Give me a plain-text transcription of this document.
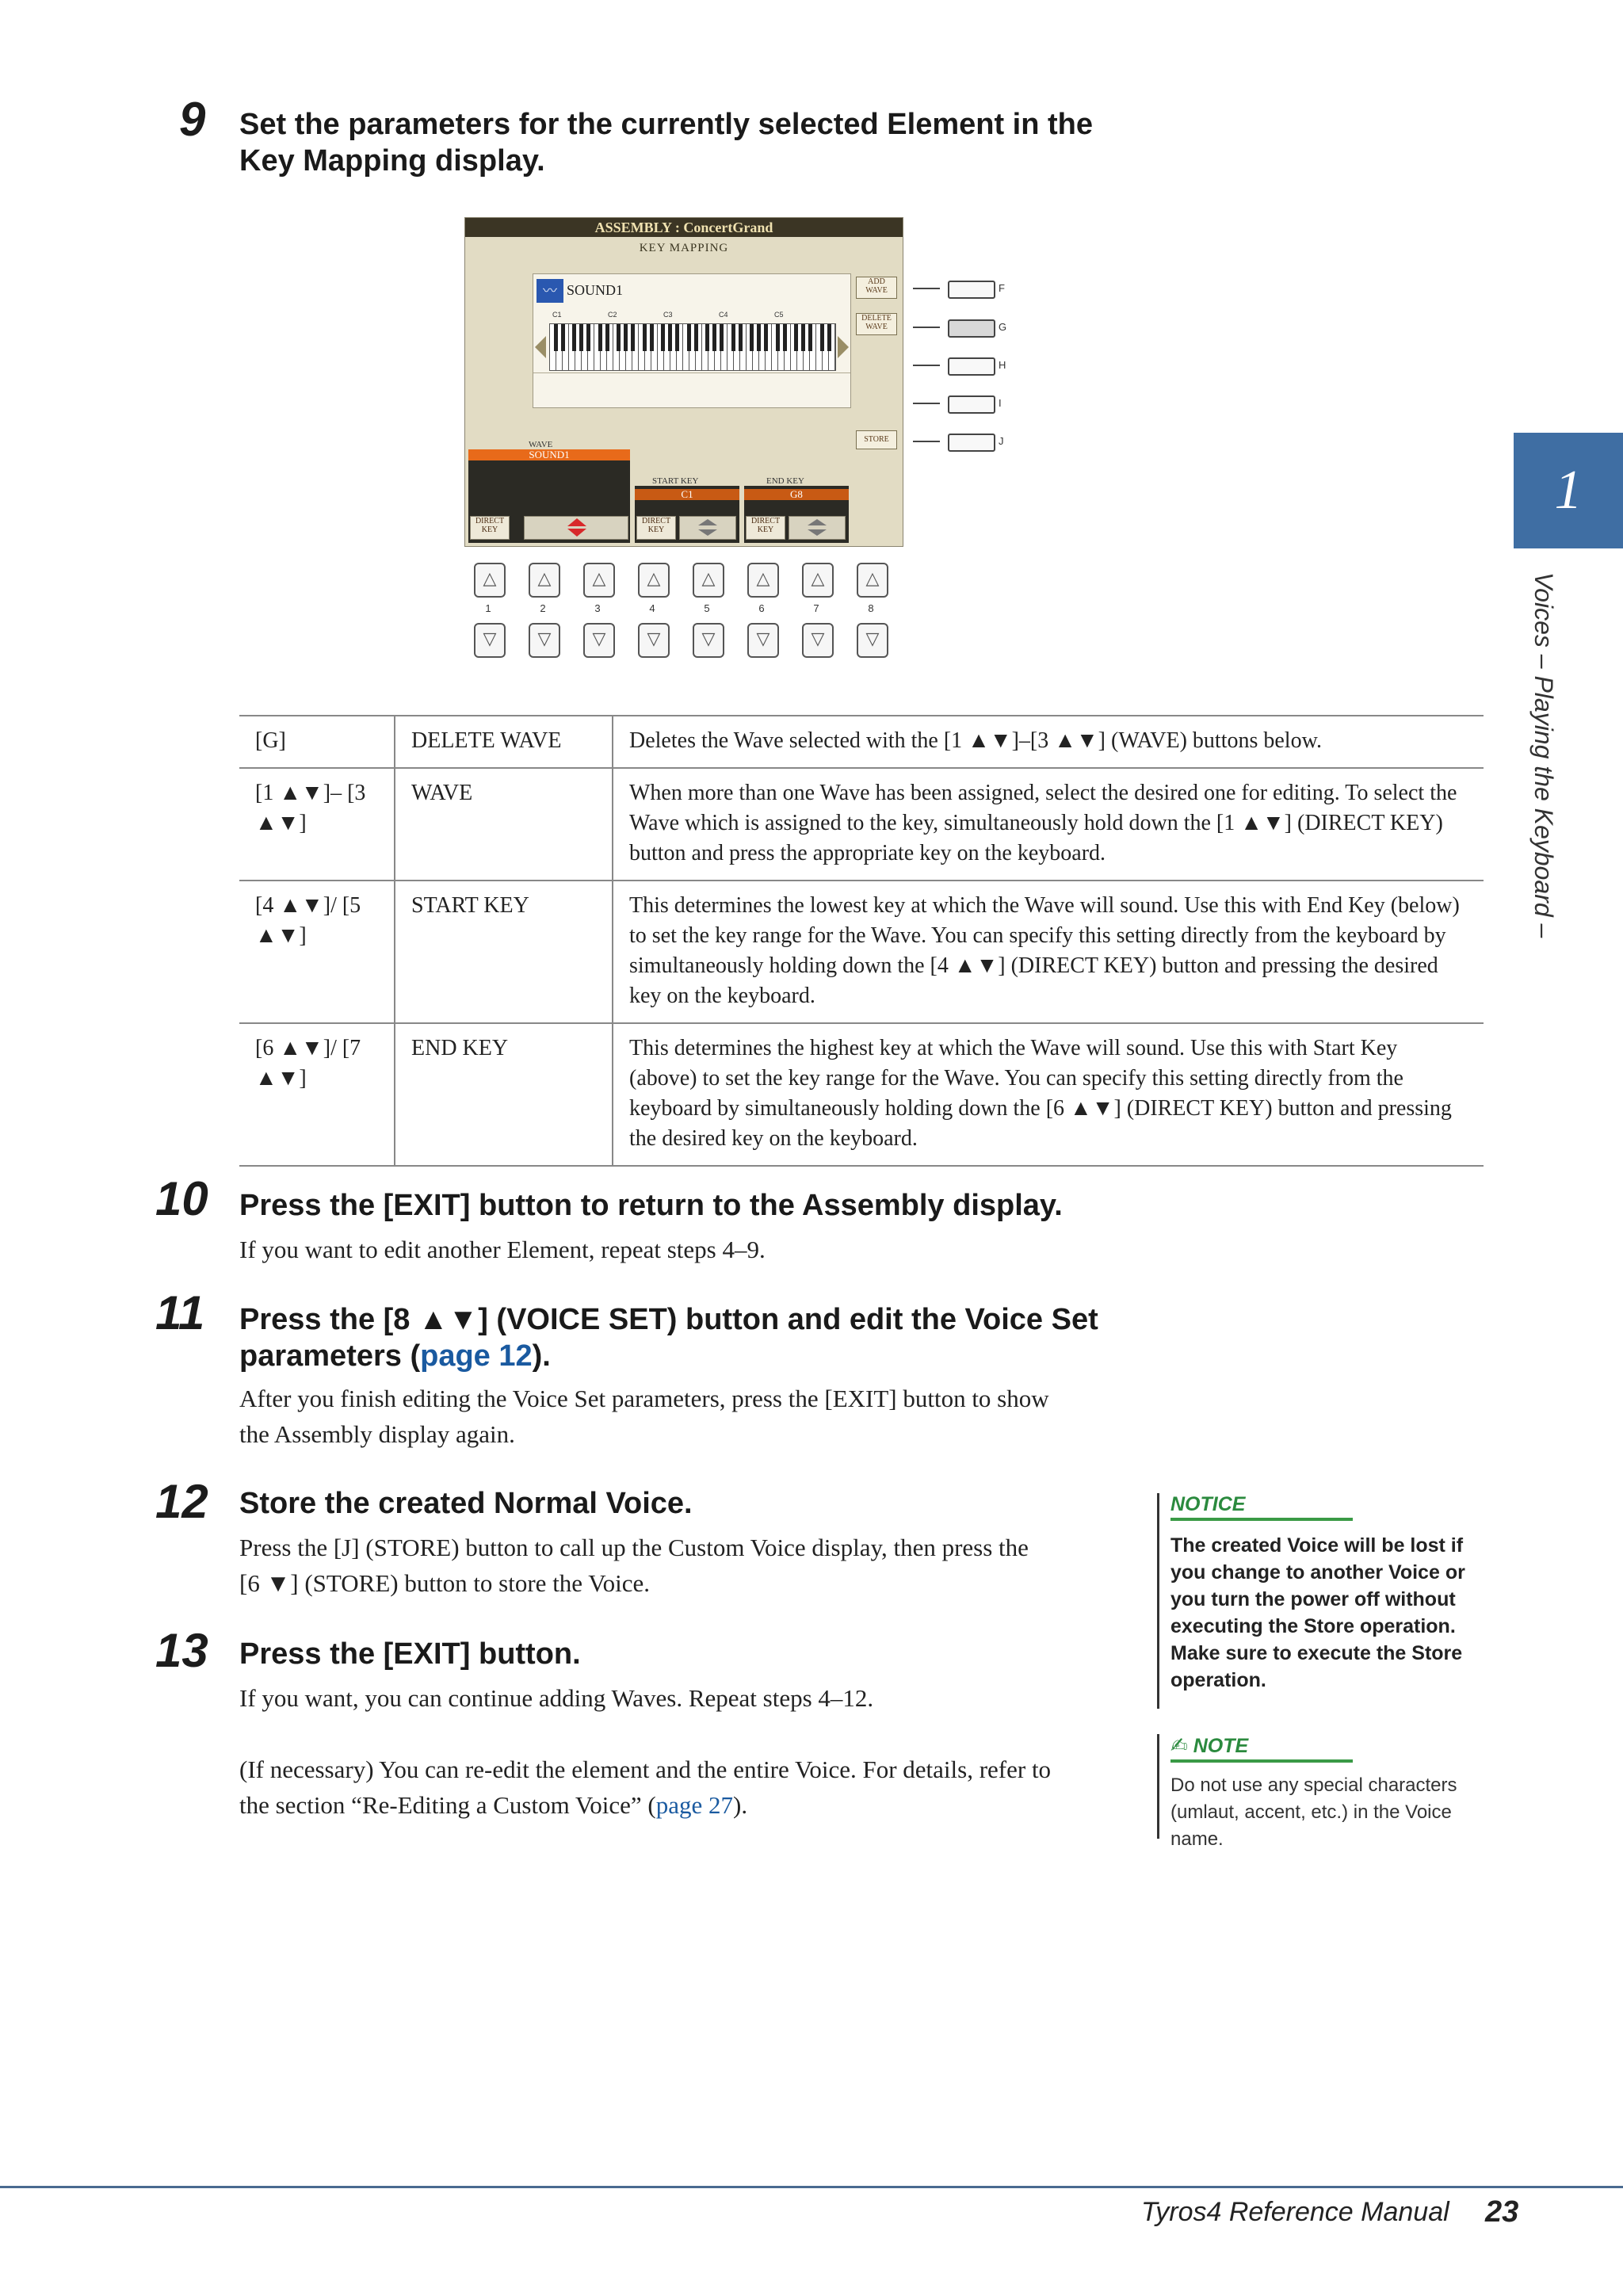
9 Set the parameters for the currently selected Element in the
Key Mapping display.
ASSEMBLY : ConcertGrand
KEY MAPPING
〰 SOUND1
C1	C2	C3	C4	C5
ADD WAVE
DELETE WAVE
STORE
WAVE
SOUND1
DIRECT KEY
START KEY
C1
DIRECT KEY
END KEY
G8
DIRECT KEY
F
G
H
I
J
△
1
▽
△
2
▽
△
3
▽
△
4
▽
△
5
▽
△
6
▽
△
7
▽
△
8
▽
[G]	DELETE WAVE	Deletes the Wave selected with the [1 ▲▼]–[3 ▲▼] (WAVE) buttons below.
[1 ▲▼]– [3 ▲▼]	WAVE	When more than one Wave has been assigned, select the desired one for editing. To select the Wave which is assigned to the key, simultaneously hold down the [1 ▲▼] (DIRECT KEY) button and press the appropriate key on the keyboard.
[4 ▲▼]/ [5 ▲▼]	START KEY	This determines the lowest key at which the Wave will sound. Use this with End Key (below) to set the key range for the Wave. You can specify this setting directly from the keyboard by simultaneously holding down the [4 ▲▼] (DIRECT KEY) button and pressing the desired key on the keyboard.
[6 ▲▼]/ [7 ▲▼]	END KEY	This determines the highest key at which the Wave will sound. Use this with Start Key (above) to set the key range for the Wave. You can specify this setting directly from the keyboard by simultaneously holding down the [6 ▲▼] (DIRECT KEY) button and pressing the desired key on the keyboard.
10 Press the [EXIT] button to return to the Assembly display.
If you want to edit another Element, repeat steps 4–9.
11 Press the [8 ▲▼] (VOICE SET) button and edit the Voice Set
parameters (page 12).
After you finish editing the Voice Set parameters, press the [EXIT] button to show
the Assembly display again.
12 Store the created Normal Voice.
Press the [J] (STORE) button to call up the Custom Voice display, then press the
[6 ▼] (STORE) button to store the Voice.
13 Press the [EXIT] button.
If you want, you can continue adding Waves. Repeat steps 4–12.
(If necessary) You can re-edit the element and the entire Voice. For details, refer to
the section “Re-Editing a Custom Voice” (page 27).
NOTICE
The created Voice will be lost if you change to another Voice or you turn the power off without executing the Store operation. Make sure to execute the Store operation.
✍ NOTE
Do not use any special characters (umlaut, accent, etc.) in the Voice name.
1
Voices – Playing the Keyboard –
Tyros4 Reference Manual 23
